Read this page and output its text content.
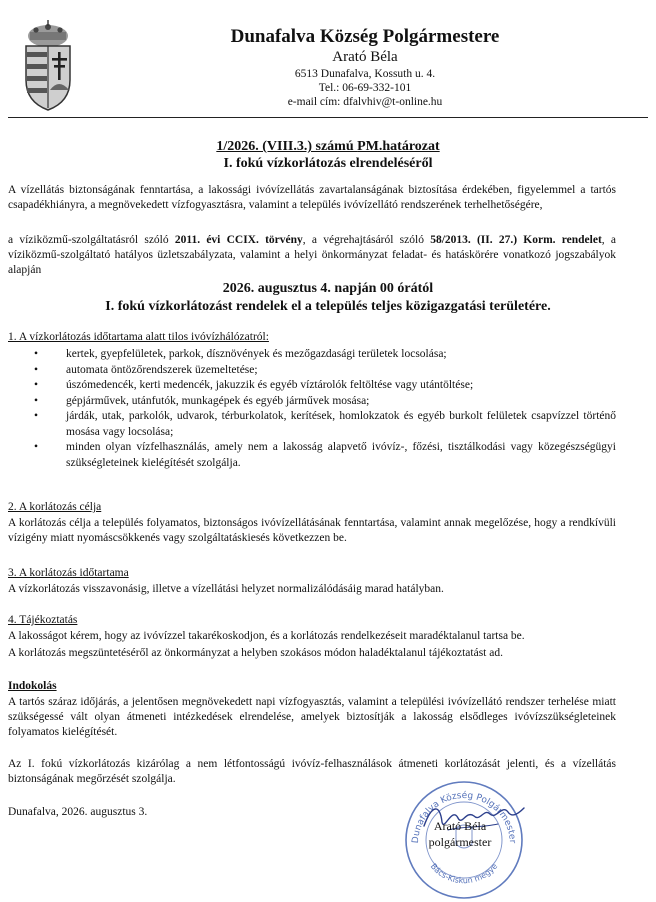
Dunafalva Község Polgármestere
Arató Béla
6513 Dunafalva, Kossuth u. 4.
Tel.: 06-69-332-101
e-mail cím: dfalvhiv@t-online.hu
1/2026. (VIII.3.) számú PM.határozat
I. fokú vízkorlátozás elrendeléséről

A vízellátás biztonságának fenntartása, a lakossági ivóvízellátás zavartalanságának biztosítása érdekében, figyelemmel a tartós csapadékhiányra, a megnövekedett vízfogyasztásra, valamint a település ivóvízellátó rendszerének terhelhetőségére,

a víziközmű-szolgáltatásról szóló 2011. évi CCIX. törvény, a végrehajtásáról szóló 58/2013. (II. 27.) Korm. rendelet, a víziközmű-szolgáltató hatályos üzletszabályzata, valamint a helyi önkormányzat feladat- és hatáskörére vonatkozó jogszabályok alapján

2026. augusztus 4. napján 00 órától
I. fokú vízkorlátozást rendelek el a település teljes közigazgatási területére.
1. A vízkorlátozás időtartama alatt tilos ivóvízhálózatról:
• kertek, gyepfelületek, parkok, dísznövények és mezőgazdasági területek locsolása;
• automata öntözőrendszerek üzemeltetése;
• úszómedencék, kerti medencék, jakuzzik és egyéb víztárolók feltöltése vagy utántöltése;
• gépjárművek, utánfutók, munkagépek és egyéb járművek mosása;
• járdák, utak, parkolók, udvarok, térburkolatok, kerítések, homlokzatok és egyéb burkolt felületek csapvízzel történő mosása vagy locsolása;
• minden olyan vízfelhasználás, amely nem a lakosság alapvető ivóvíz-, főzési, tisztálkodási vagy közegészségügyi szükségleteinek kielégítését szolgálja.
2. A korlátozás célja

A korlátozás célja a település folyamatos, biztonságos ivóvízellátásának fenntartása, valamint annak megelőzése, hogy a rendkívüli vízigény miatt nyomáscsökkenés vagy szolgáltatáskiesés következzen be.

3. A korlátozás időtartama

A vízkorlátozás visszavonásig, illetve a vízellátási helyzet normalizálódásáig marad hatályban.

4. Tájékoztatás

A lakosságot kérem, hogy az ivóvízzel takarékoskodjon, és a korlátozás rendelkezéseit maradéktalanul tartsa be.

A korlátozás megszüntetéséről az önkormányzat a helyben szokásos módon haladéktalanul tájékoztatást ad.

Indokolás

A tartós száraz időjárás, a jelentősen megnövekedett napi vízfogyasztás, valamint a települési ivóvízellátó rendszer terhelése miatt szükségessé vált olyan átmeneti intézkedések elrendelése, amelyek biztosítják a lakosság elsődleges ivóvízszükségleteinek folyamatos kielégítését.

Az I. fokú vízkorlátozás kizárólag a nem létfontosságú ivóvíz-felhasználások átmeneti korlátozását jelenti, és a vízellátás biztonságának megőrzését szolgálja.

Dunafalva, 2026. augusztus 3.
Dunafalva Község Polgármester
Bács-Kiskun megye
Arató Béla
polgármester
